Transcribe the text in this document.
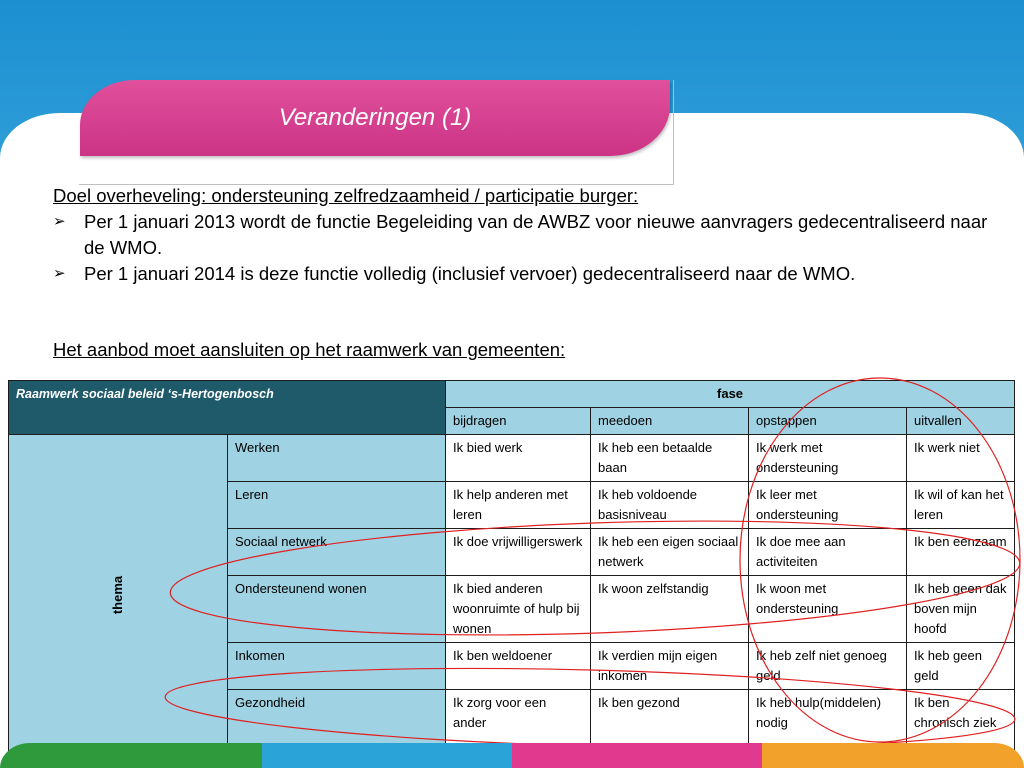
Veranderingen (1)
Doel overheveling: ondersteuning zelfredzaamheid / participatie burger:
➢ Per 1 januari 2013 wordt de functie Begeleiding van de AWBZ voor nieuwe aanvragers gedecentraliseerd naar de WMO.
➢ Per 1 januari 2014 is deze functie volledig (inclusief vervoer) gedecentraliseerd naar de WMO.
Het aanbod moet aansluiten op het raamwerk van gemeenten:
Raamwerk sociaal beleid ‘s-Hertogenbosch		fase			
		bijdragen	meedoen	opstappen	uitvallen

thema	Werken	Ik bied werk	Ik heb een betaalde baan	Ik werk met ondersteuning	Ik werk niet
	Leren	Ik help anderen met leren	Ik heb voldoende basisniveau	Ik leer met ondersteuning	Ik wil of kan het leren
	Sociaal netwerk	Ik doe vrijwilligerswerk	Ik heb een eigen sociaal netwerk	Ik doe mee aan activiteiten	Ik ben eenzaam
	Ondersteunend wonen	Ik bied anderen woonruimte of hulp bij wonen	Ik woon zelfstandig	Ik woon met ondersteuning	Ik heb geen dak boven mijn hoofd
	Inkomen	Ik ben weldoener	Ik verdien mijn eigen inkomen	Ik heb zelf niet genoeg geld	Ik heb geen geld
	Gezondheid	Ik zorg voor een ander	Ik ben gezond	Ik heb hulp(middelen) nodig	Ik ben chronisch ziek
